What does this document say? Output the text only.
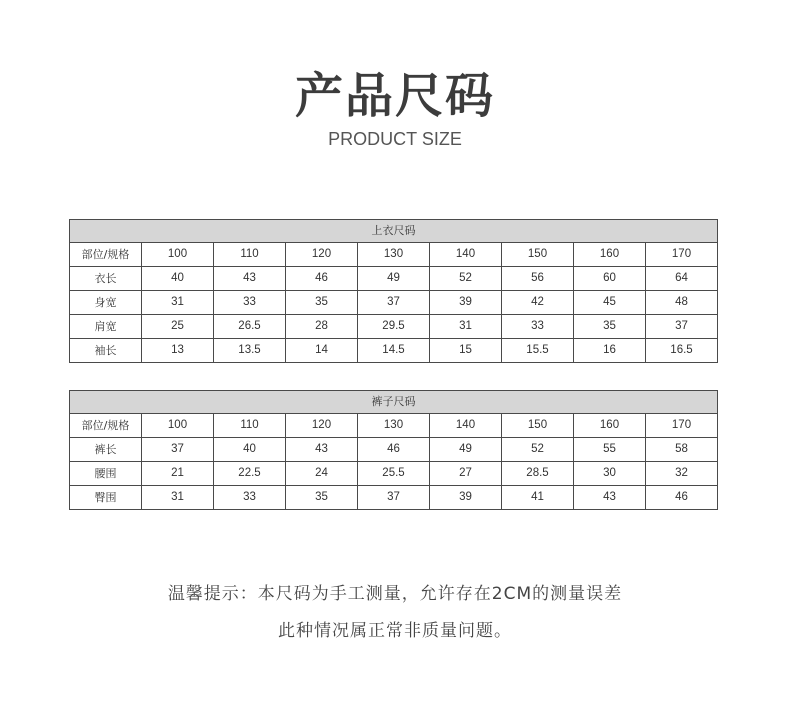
产品尺码
PRODUCT SIZE
上衣尺码								
部位/规格	100	110	120	130	140	150	160	170
衣长	40	43	46	49	52	56	60	64
身宽	31	33	35	37	39	42	45	48
肩宽	25	26.5	28	29.5	31	33	35	37
袖长	13	13.5	14	14.5	15	15.5	16	16.5
裤子尺码								
部位/规格	100	110	120	130	140	150	160	170
裤长	37	40	43	46	49	52	55	58
腰围	21	22.5	24	25.5	27	28.5	30	32
臀围	31	33	35	37	39	41	43	46
温馨提示：本尺码为手工测量，允许存在2CM的测量误差
此种情况属正常非质量问题。
